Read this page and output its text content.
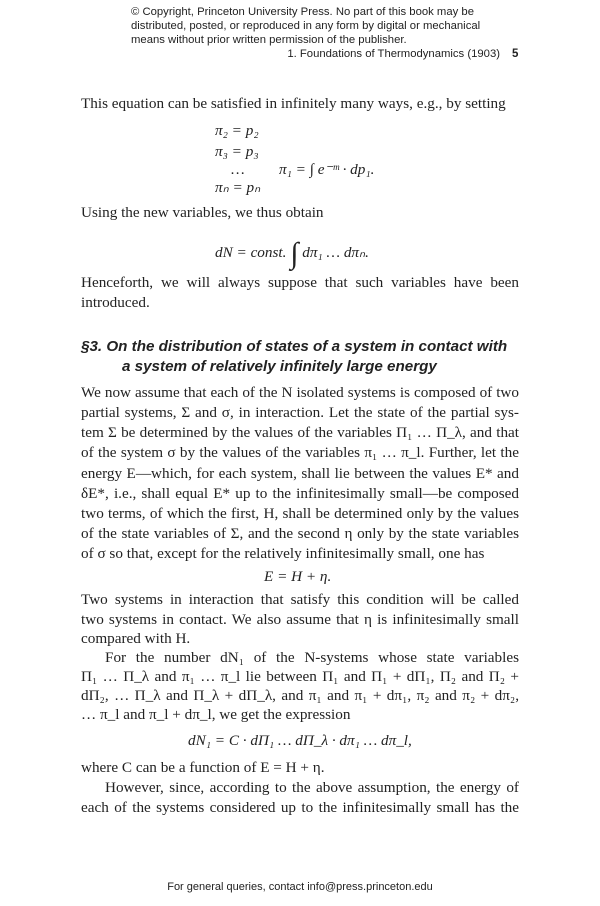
© Copyright, Princeton University Press. No part of this book may be
distributed, posted, or reproduced in any form by digital or mechanical
means without prior written permission of the publisher.
1. Foundations of Thermodynamics (1903) 5
This equation can be satisfied in infinitely many ways, e.g., by setting
π₂ = p₂
π₃ = p₃
…
πₙ = pₙ
π₁ = ∫ e⁻ᵐ · dp₁.
Using the new variables, we thus obtain
dN = const. ∫ dπ₁ … dπₙ.
Henceforth, we will always suppose that such variables have been
introduced.
§3. On the distribution of states of a system in contact with
a system of relatively infinitely large energy
We now assume that each of the N isolated systems is composed of two
partial systems, Σ and σ, in interaction. Let the state of the partial sys-
tem Σ be determined by the values of the variables Π₁ … Π_λ, and that
of the system σ by the values of the variables π₁ … π_l. Further, let the
energy E—which, for each system, shall lie between the values E* and
δE*, i.e., shall equal E* up to the infinitesimally small—be composed
two terms, of which the first, H, shall be determined only by the values
of the state variables of Σ, and the second η only by the state variables
of σ so that, except for the relatively infinitesimally small, one has
E = H + η.
Two systems in interaction that satisfy this condition will be called
two systems in contact. We also assume that η is infinitesimally small
compared with H.
For the number dN₁ of the N-systems whose state variables
Π₁ … Π_λ and π₁ … π_l lie between Π₁ and Π₁ + dΠ₁, Π₂ and Π₂ +
dΠ₂, … Π_λ and Π_λ + dΠ_λ, and π₁ and π₁ + dπ₁, π₂ and π₂ + dπ₂,
… π_l and π_l + dπ_l, we get the expression
dN₁ = C · dΠ₁ … dΠ_λ · dπ₁ … dπ_l,
where C can be a function of E = H + η.
However, since, according to the above assumption, the energy of
each of the systems considered up to the infinitesimally small has the
For general queries, contact info@press.princeton.edu
